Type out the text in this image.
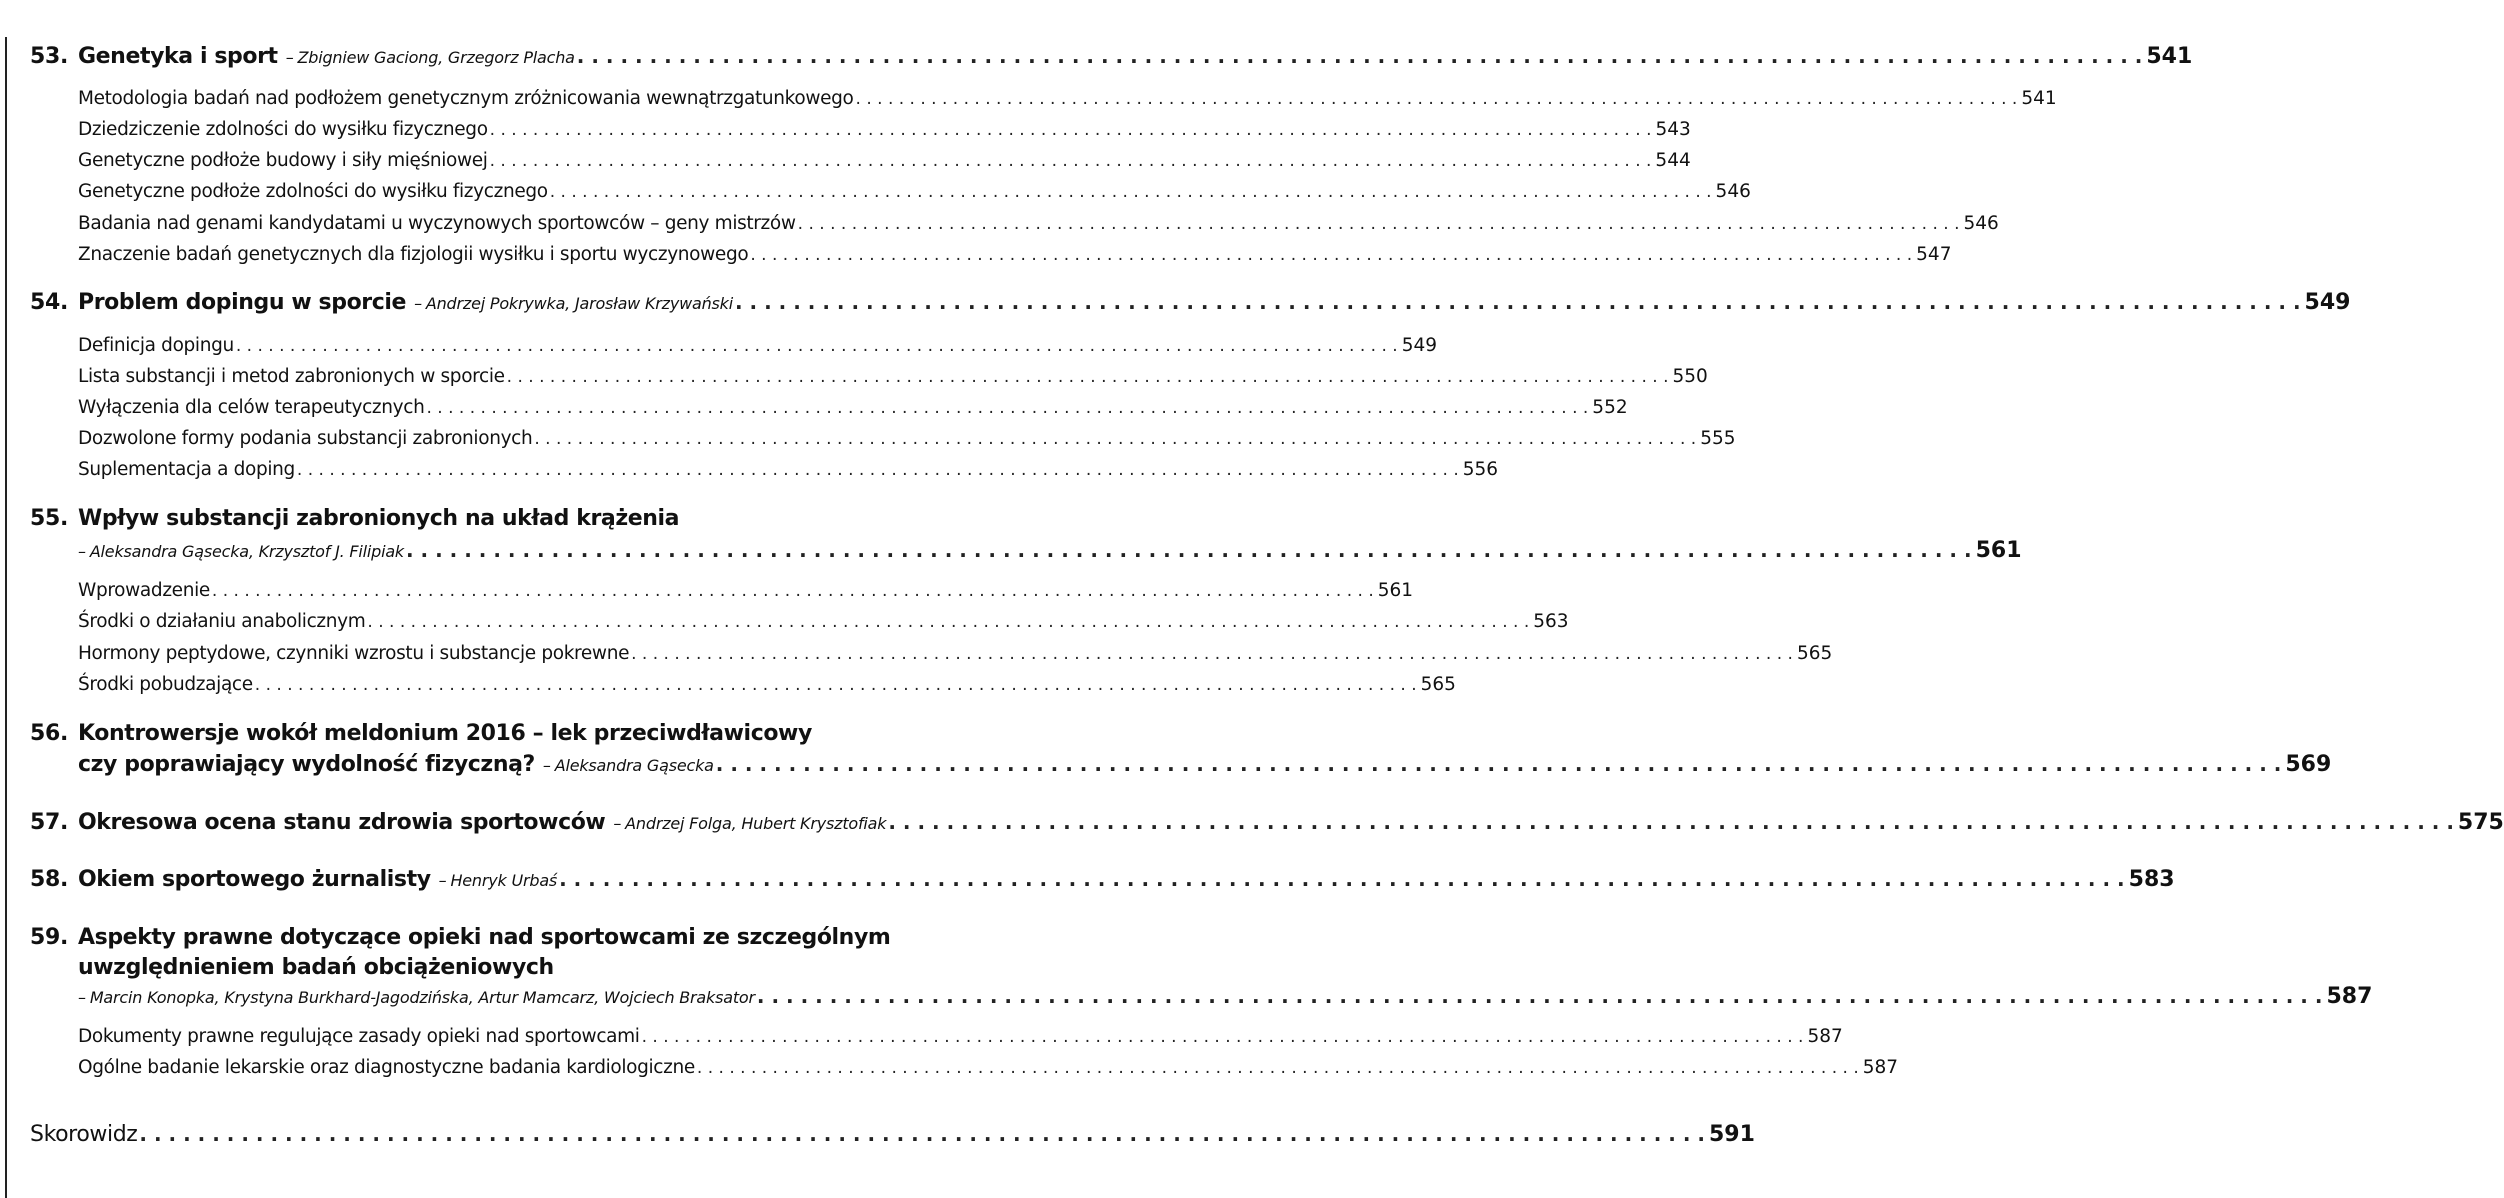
53. Genetyka i sport – Zbigniew Gaciong, Grzegorz Placha . . .	541
Metodologia badań nad podłożem genetycznym zróżnicowania wewnątrzgatunkowego . . .	541
Dziedziczenie zdolności do wysiłku fizycznego . . .	543
Genetyczne podłoże budowy i siły mięśniowej . . .	544
Genetyczne podłoże zdolności do wysiłku fizycznego . . .	546
Badania nad genami kandydatami u wyczynowych sportowców – geny mistrzów . . .	546
Znaczenie badań genetycznych dla fizjologii wysiłku i sportu wyczynowego . . .	547
54. Problem dopingu w sporcie – Andrzej Pokrywka, Jarosław Krzywański . . .	549
Definicja dopingu . . .	549
Lista substancji i metod zabronionych w sporcie . . .	550
Wyłączenia dla celów terapeutycznych . . .	552
Dozwolone formy podania substancji zabronionych . . .	555
Suplementacja a doping . . .	556
55. Wpływ substancji zabronionych na układ krążenia
– Aleksandra Gąsecka, Krzysztof J. Filipiak . . .	561
Wprowadzenie . . .	561
Środki o działaniu anabolicznym . . .	563
Hormony peptydowe, czynniki wzrostu i substancje pokrewne . . .	565
Środki pobudzające . . .	565
56. Kontrowersje wokół meldonium 2016 – lek przeciwdławicowy
czy poprawiający wydolność fizyczną? – Aleksandra Gąsecka . . .	569
57. Okresowa ocena stanu zdrowia sportowców – Andrzej Folga, Hubert Krysztofiak . . .	575
58. Okiem sportowego żurnalisty – Henryk Urbaś . . .	583
59. Aspekty prawne dotyczące opieki nad sportowcami ze szczególnym
uwzględnieniem badań obciążeniowych
– Marcin Konopka, Krystyna Burkhard-Jagodzińska, Artur Mamcarz, Wojciech Braksator . . .	587
Dokumenty prawne regulujące zasady opieki nad sportowcami . . .	587
Ogólne badanie lekarskie oraz diagnostyczne badania kardiologiczne . . .	587
Skorowidz . . .	591
